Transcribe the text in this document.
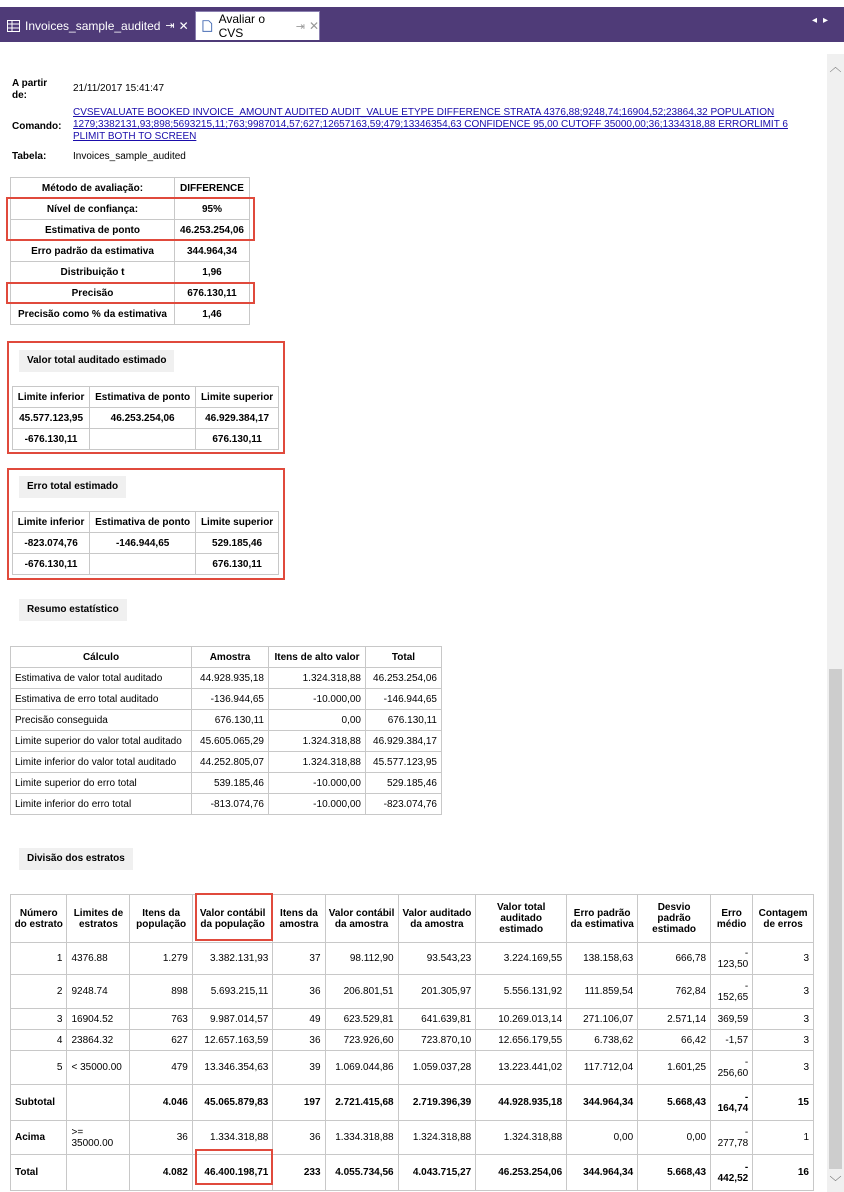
Invoices_sample_audited ⇥ ✕ Avaliar o CVS	⇥ ✕	◂▸
︿
﹀
A partir de:
21/11/2017 15:41:47
Comando:
CVSEVALUATE BOOKED INVOICE_AMOUNT AUDITED AUDIT_VALUE ETYPE DIFFERENCE STRATA 4376,88;9248,74;16904,52;23864,32 POPULATION 1279;3382131,93;898;5693215,11;763;9987014,57;627;12657163,59;479;13346354,63 CONFIDENCE 95,00 CUTOFF 35000,00;36;1334318,88 ERRORLIMIT 6 PLIMIT BOTH TO SCREEN
Tabela:	Invoices_sample_audited
Método de avaliação:	DIFFERENCE
Nível de confiança:	95%
Estimativa de ponto	46.253.254,06
Erro padrão da estimativa	344.964,34
Distribuição t	1,96
Precisão	676.130,11
Precisão como % da estimativa	1,46
Valor total auditado estimado
Limite inferior	Estimativa de ponto	Limite superior
45.577.123,95	46.253.254,06	46.929.384,17
-676.130,11		676.130,11
Erro total estimado
Limite inferior	Estimativa de ponto	Limite superior
-823.074,76	-146.944,65	529.185,46
-676.130,11		676.130,11
Resumo estatístico
Cálculo	Amostra	Itens de alto valor	Total
Estimativa de valor total auditado	44.928.935,18	1.324.318,88	46.253.254,06
Estimativa de erro total auditado	-136.944,65	-10.000,00	-146.944,65
Precisão conseguida	676.130,11	0,00	676.130,11
Limite superior do valor total auditado	45.605.065,29	1.324.318,88	46.929.384,17
Limite inferior do valor total auditado	44.252.805,07	1.324.318,88	45.577.123,95
Limite superior do erro total	539.185,46	-10.000,00	529.185,46
Limite inferior do erro total	-813.074,76	-10.000,00	-823.074,76
Divisão dos estratos
Número do estrato	Limites de estratos	Itens da população	Valor contábil da população	Itens da amostra	Valor contábil da amostra	Valor auditado da amostra	Valor total auditado estimado	Erro padrão da estimativa	Desvio padrão estimado	Erro médio	Contagem de erros
1	4376.88	1.279	3.382.131,93	37	98.112,90	93.543,23	3.224.169,55	138.158,63	666,78	-
123,50	3
2	9248.74	898	5.693.215,11	36	206.801,51	201.305,97	5.556.131,92	111.859,54	762,84	-
152,65	3
3	16904.52	763	9.987.014,57	49	623.529,81	641.639,81	10.269.013,14	271.106,07	2.571,14	369,59	3
4	23864.32	627	12.657.163,59	36	723.926,60	723.870,10	12.656.179,55	6.738,62	66,42	-1,57	3
5	< 35000.00	479	13.346.354,63	39	1.069.044,86	1.059.037,28	13.223.441,02	117.712,04	1.601,25	-
256,60	3
Subtotal		4.046	45.065.879,83	197	2.721.415,68	2.719.396,39	44.928.935,18	344.964,34	5.668,43	-
164,74	15
Acima	>=
35000.00	36	1.334.318,88	36	1.334.318,88	1.324.318,88	1.324.318,88	0,00	0,00	-
277,78	1
Total		4.082	46.400.198,71	233	4.055.734,56	4.043.715,27	46.253.254,06	344.964,34	5.668,43	-
442,52	16
